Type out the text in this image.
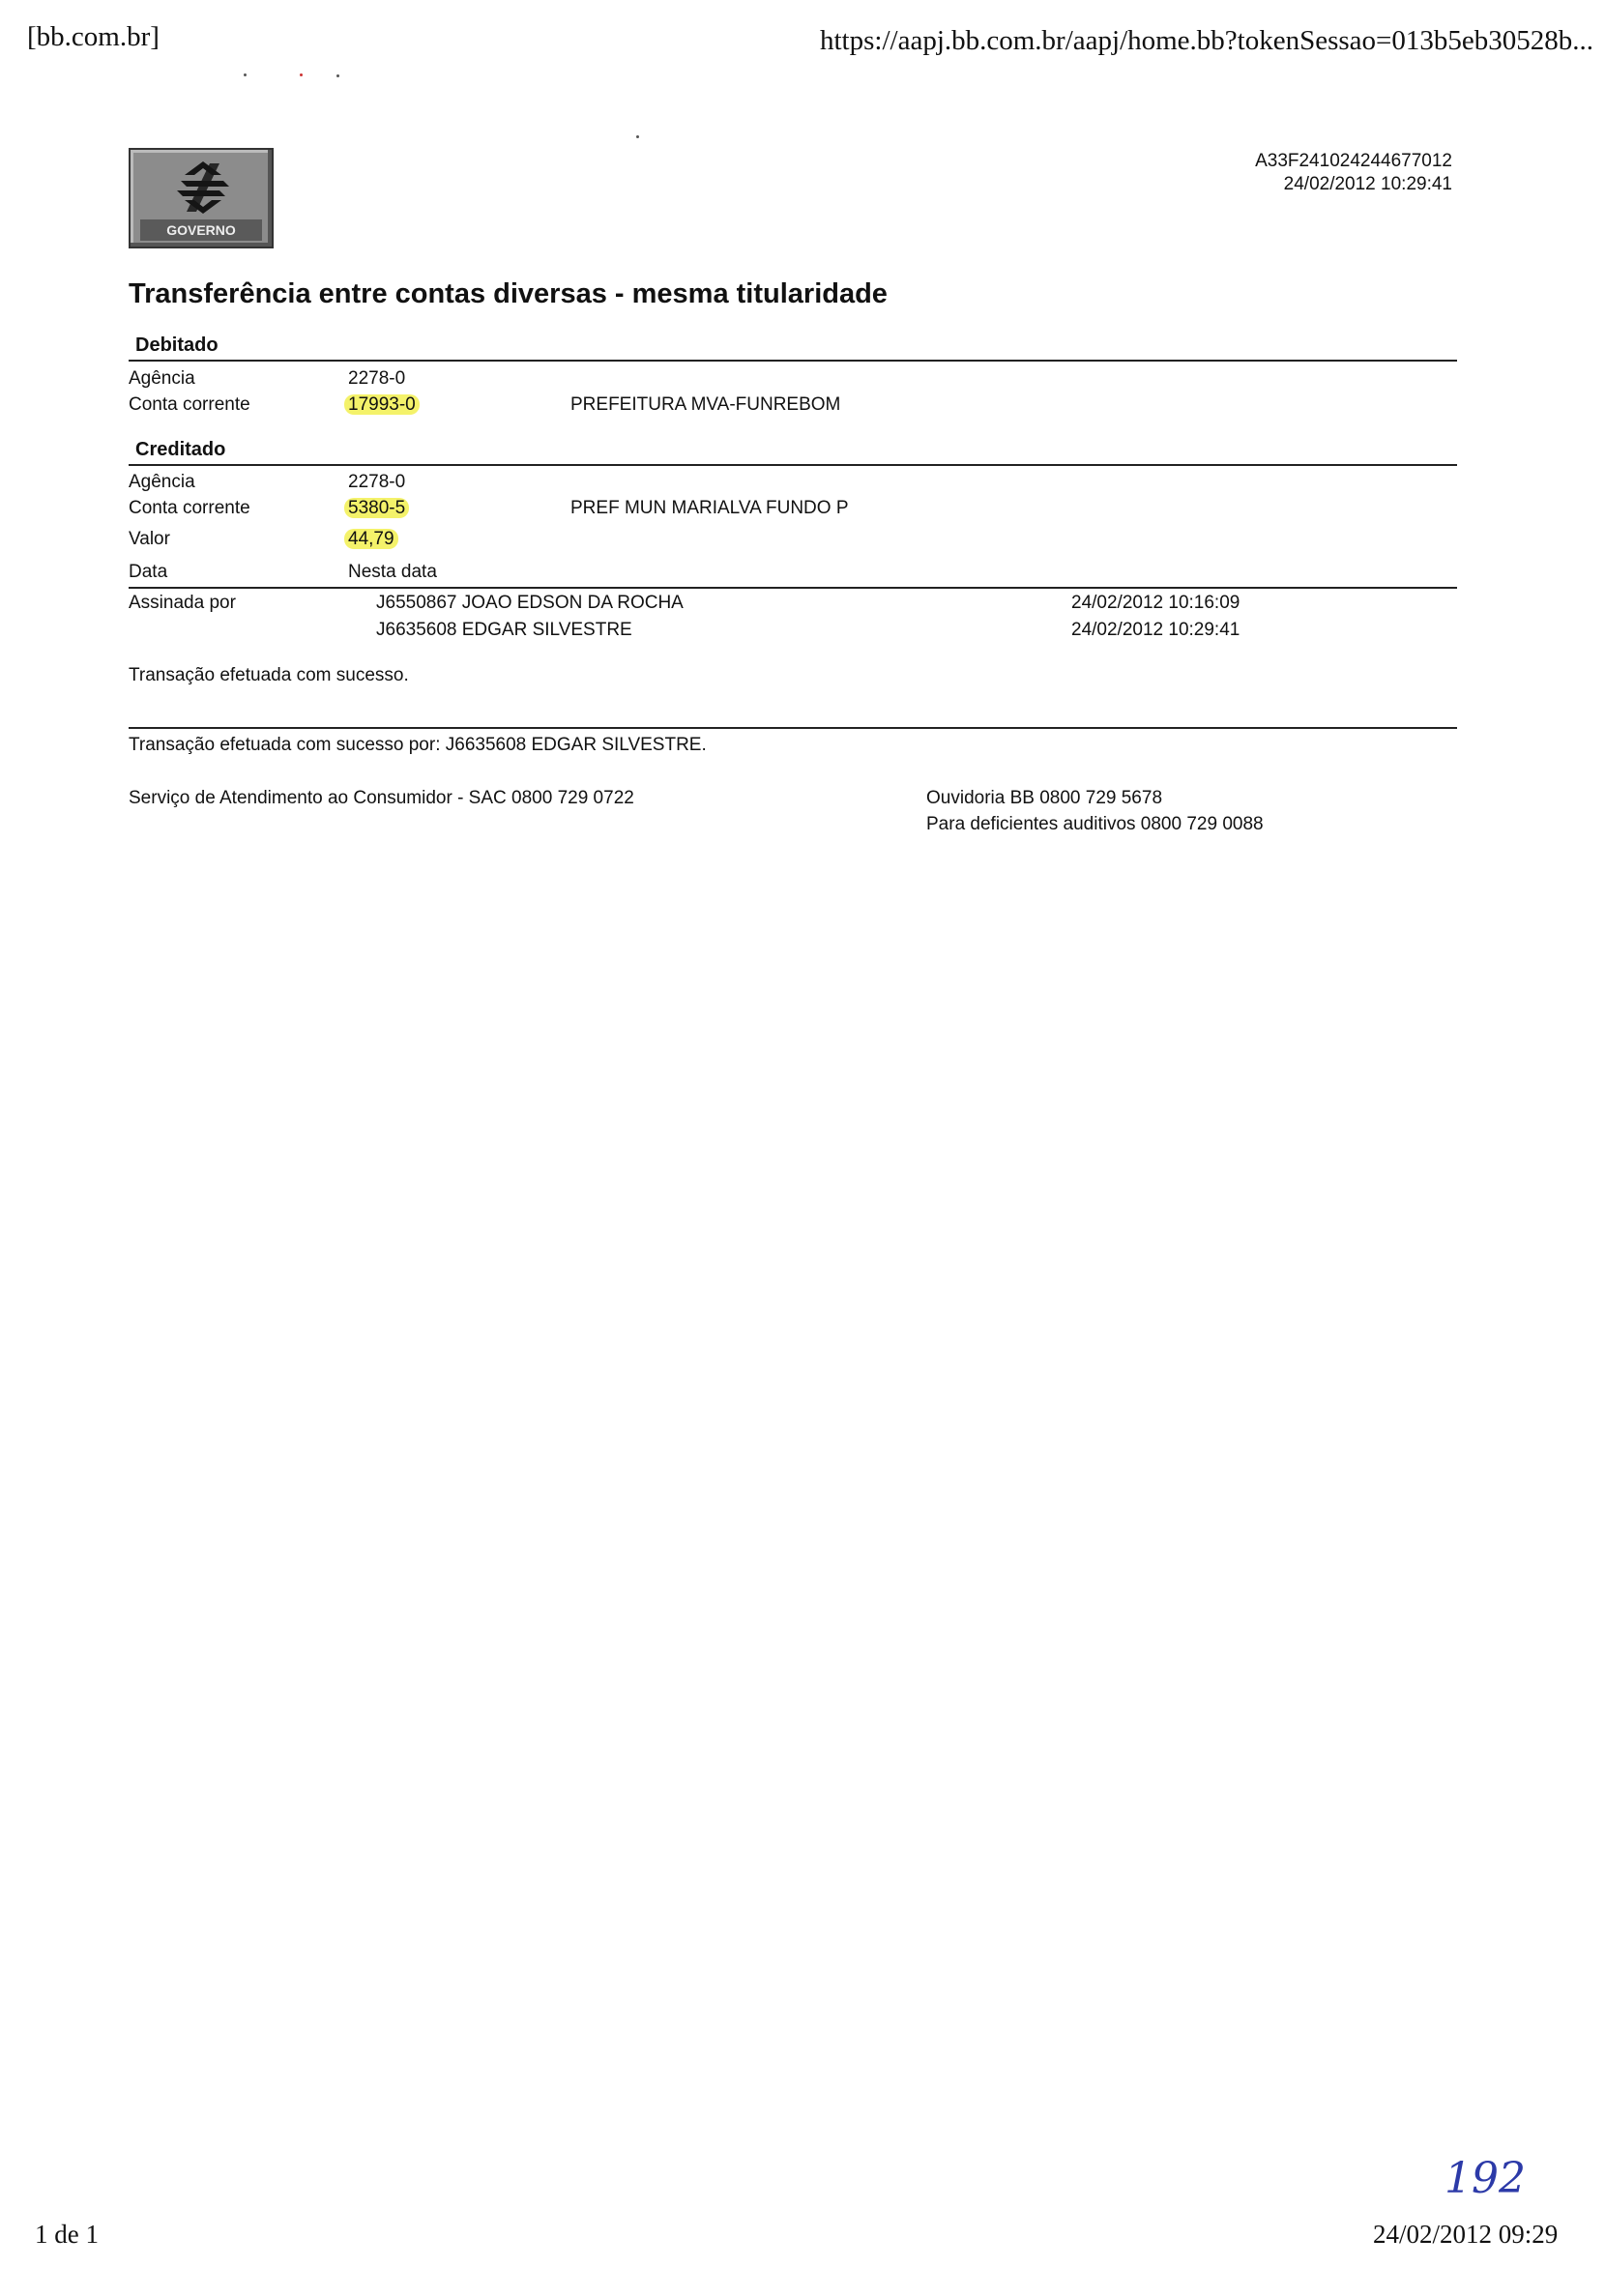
[bb.com.br]	https://aapj.bb.com.br/aapj/home.bb?tokenSessao=013b5eb30528b...
GOVERNO
A33F241024244677012
24/02/2012 10:29:41
Transferência entre contas diversas - mesma titularidade
Debitado
Agência	2278-0
Conta corrente	17993-0	PREFEITURA MVA-FUNREBOM
Creditado
Agência	2278-0
Conta corrente	5380-5	PREF MUN MARIALVA FUNDO P
Valor	44,79
Data	Nesta data
Assinada por	J6550867 JOAO EDSON DA ROCHA	24/02/2012 10:16:09
J6635608 EDGAR SILVESTRE	24/02/2012 10:29:41
Transação efetuada com sucesso.
Transação efetuada com sucesso por: J6635608 EDGAR SILVESTRE.
Serviço de Atendimento ao Consumidor - SAC 0800 729 0722	Ouvidoria BB 0800 729 5678
Para deficientes auditivos 0800 729 0088
192
1 de 1	24/02/2012 09:29
